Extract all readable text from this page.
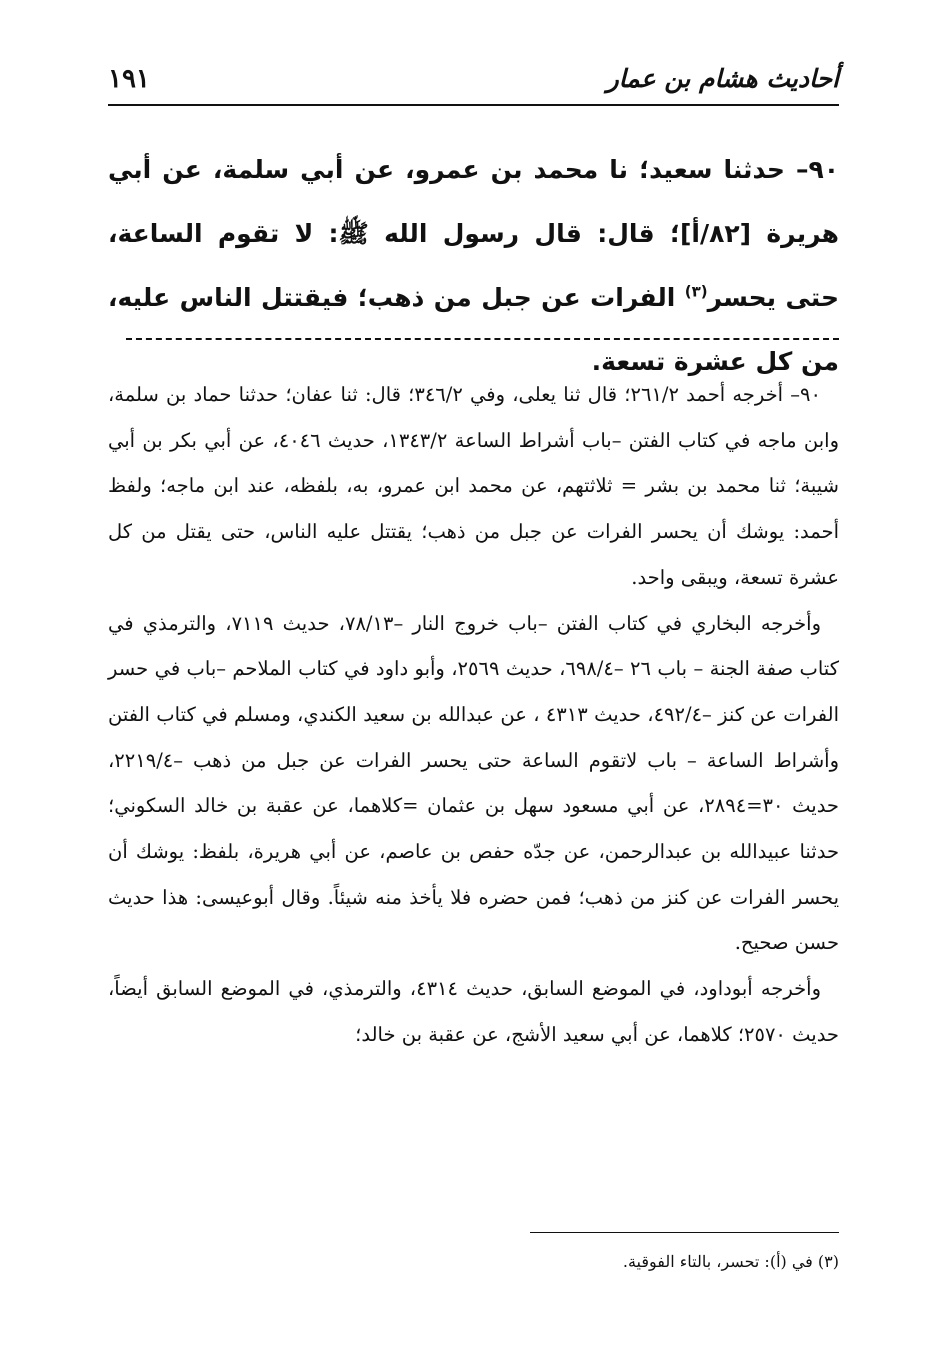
أحاديث هشام بن عمار
١٩١
٩٠– حدثنا سعيد؛ نا محمد بن عمرو، عن أبي سلمة، عن أبي هريرة [٨٢/أ]؛ قال: قال رسول الله ﷺ: لا تقوم الساعة، حتى يحسر$^{(٣)}$ الفرات عن جبل من ذهب؛ فيقتتل الناس عليه، من كل عشرة تسعة.

٩٠– أخرجه أحمد ٢٦١/٢؛ قال ثنا يعلى، وفي ٣٤٦/٢؛ قال: ثنا عفان؛ حدثنا حماد بن سلمة، وابن ماجه في كتاب الفتن –باب أشراط الساعة ١٣٤٣/٢، حديث ٤٠٤٦، عن أبي بكر بن أبي شيبة؛ ثنا محمد بن بشر = ثلاثتهم، عن محمد ابن عمرو، به، بلفظه، عند ابن ماجه؛ ولفظ أحمد: يوشك أن يحسر الفرات عن جبل من ذهب؛ يقتتل عليه الناس، حتى يقتل من كل عشرة تسعة، ويبقى واحد.

وأخرجه البخاري في كتاب الفتن –باب خروج النار –٧٨/١٣، حديث ٧١١٩، والترمذي في كتاب صفة الجنة – باب ٢٦ –٦٩٨/٤، حديث ٢٥٦٩، وأبو داود في كتاب الملاحم –باب في حسر الفرات عن كنز –٤٩٢/٤، حديث ٤٣١٣ ، عن عبدالله بن سعيد الكندي، ومسلم في كتاب الفتن وأشراط الساعة – باب لاتقوم الساعة حتى يحسر الفرات عن جبل من ذهب –٢٢١٩/٤، حديث ٣٠=٢٨٩٤، عن أبي مسعود سهل بن عثمان =كلاهما، عن عقبة بن خالد السكوني؛ حدثنا عبيدالله بن عبدالرحمن، عن جدّه حفص بن عاصم، عن أبي هريرة، بلفظ: يوشك أن يحسر الفرات عن كنز من ذهب؛ فمن حضره فلا يأخذ منه شيئاً. وقال أبوعيسى: هذا حديث حسن صحيح.

وأخرجه أبوداود، في الموضع السابق، حديث ٤٣١٤، والترمذي، في الموضع السابق أيضاً، حديث ٢٥٧٠؛ كلاهما، عن أبي سعيد الأشج، عن عقبة بن خالد؛

(٣) في (أ): تحسر، بالتاء الفوقية.
